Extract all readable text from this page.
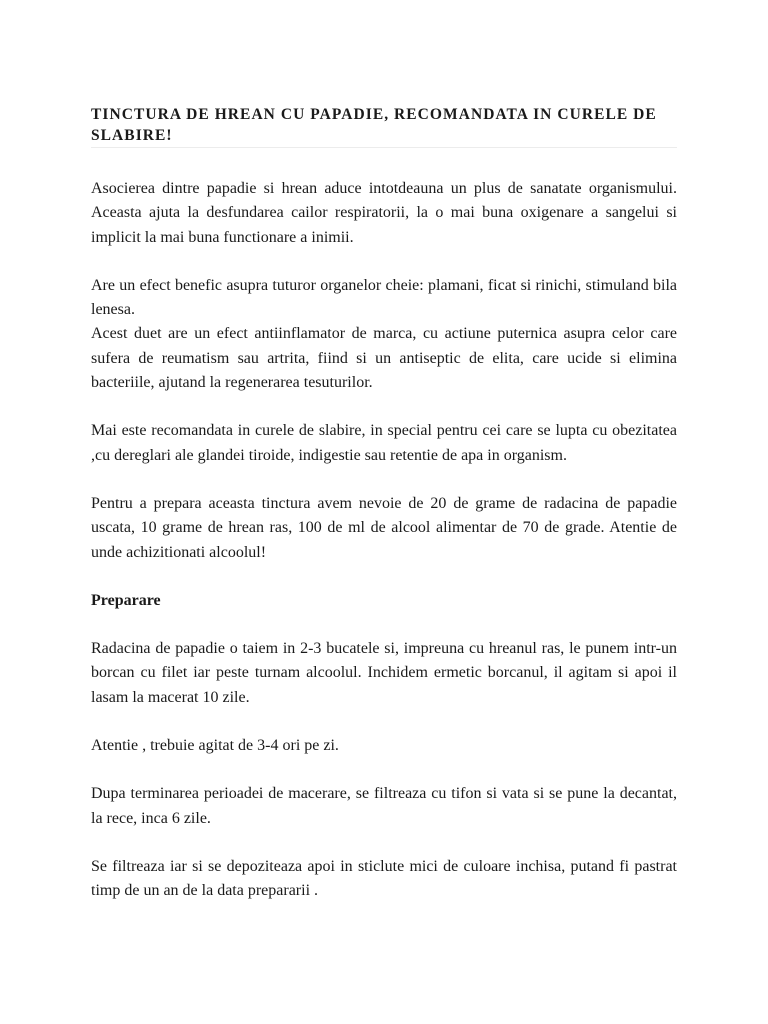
TINCTURA DE HREAN CU PAPADIE, RECOMANDATA IN CURELE DE SLABIRE!

Asocierea dintre papadie si hrean aduce intotdeauna un plus de sanatate organismului. Aceasta ajuta la desfundarea cailor respiratorii, la o mai buna oxigenare a sangelui si implicit la mai buna functionare a inimii.

Are un efect benefic asupra tuturor organelor cheie: plamani, ficat si rinichi, stimuland bila lenesa.

Acest duet are un efect antiinflamator de marca, cu actiune puternica asupra celor care sufera de reumatism sau artrita, fiind si un antiseptic de elita, care ucide si elimina bacteriile, ajutand la regenerarea tesuturilor.

Mai este recomandata in curele de slabire, in special pentru cei care se lupta cu obezitatea ,cu dereglari ale glandei tiroide, indigestie sau retentie de apa in organism.

Pentru a prepara aceasta tinctura avem nevoie de 20 de grame de radacina de papadie uscata, 10 grame de hrean ras, 100 de ml de alcool alimentar de 70 de grade. Atentie de unde achizitionati alcoolul!

Preparare

Radacina de papadie o taiem in 2-3 bucatele si, impreuna cu hreanul ras, le punem intr-un borcan cu filet iar peste turnam alcoolul. Inchidem ermetic borcanul, il agitam si apoi il lasam la macerat 10 zile.

Atentie , trebuie agitat de 3-4 ori pe zi.

Dupa terminarea perioadei de macerare, se filtreaza cu tifon si vata si se pune la decantat, la rece, inca 6 zile.

Se filtreaza iar si se depoziteaza apoi in sticlute mici de culoare inchisa, putand fi pastrat timp de un an de la data prepararii .
